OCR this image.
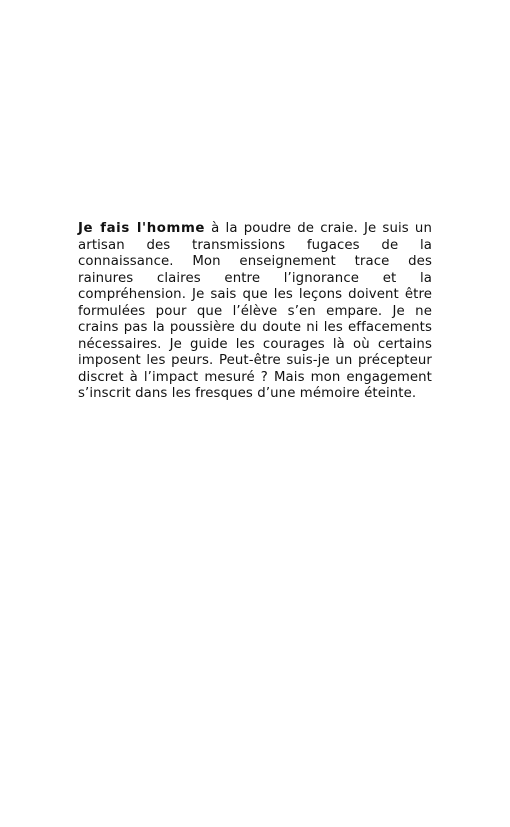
Je fais l'homme à la poudre de craie. Je suis un artisan des transmissions fugaces de la connaissance. Mon enseignement trace des rainures claires entre l’ignorance et la compréhension. Je sais que les leçons doivent être formulées pour que l’élève s’en empare. Je ne crains pas la poussière du doute ni les effacements nécessaires. Je guide les courages là où certains imposent les peurs. Peut-être suis-je un précepteur discret à l’impact mesuré ? Mais mon engagement s’inscrit dans les fresques d’une mémoire éteinte.
